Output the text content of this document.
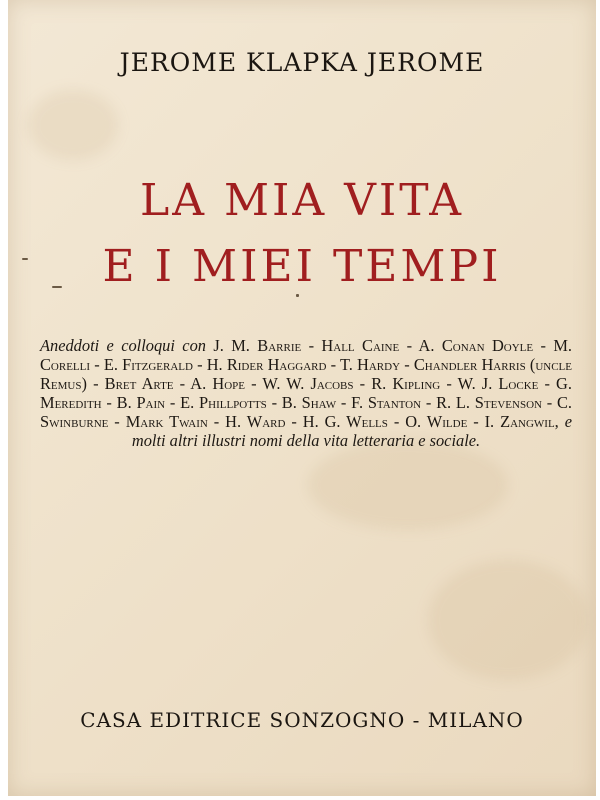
JEROME KLAPKA JEROME
LA MIA VITA
E I MIEI TEMPI

Aneddoti e colloqui con J. M. Barrie - Hall Caine - A. Conan Doyle - M. Corelli - E. Fitzgerald - H. Rider Haggard - T. Hardy - Chandler Harris (uncle Remus) - Bret Arte - A. Hope - W. W. Jacobs - R. Kipling - W. J. Locke - G. Meredith - B. Pain - E. Phillpotts - B. Shaw - F. Stanton - R. L. Stevenson - C. Swinburne - Mark Twain - H. Ward - H. G. Wells - O. Wilde - I. Zangwil, e molti altri illustri nomi della vita letteraria e sociale.

CASA EDITRICE SONZOGNO - MILANO
